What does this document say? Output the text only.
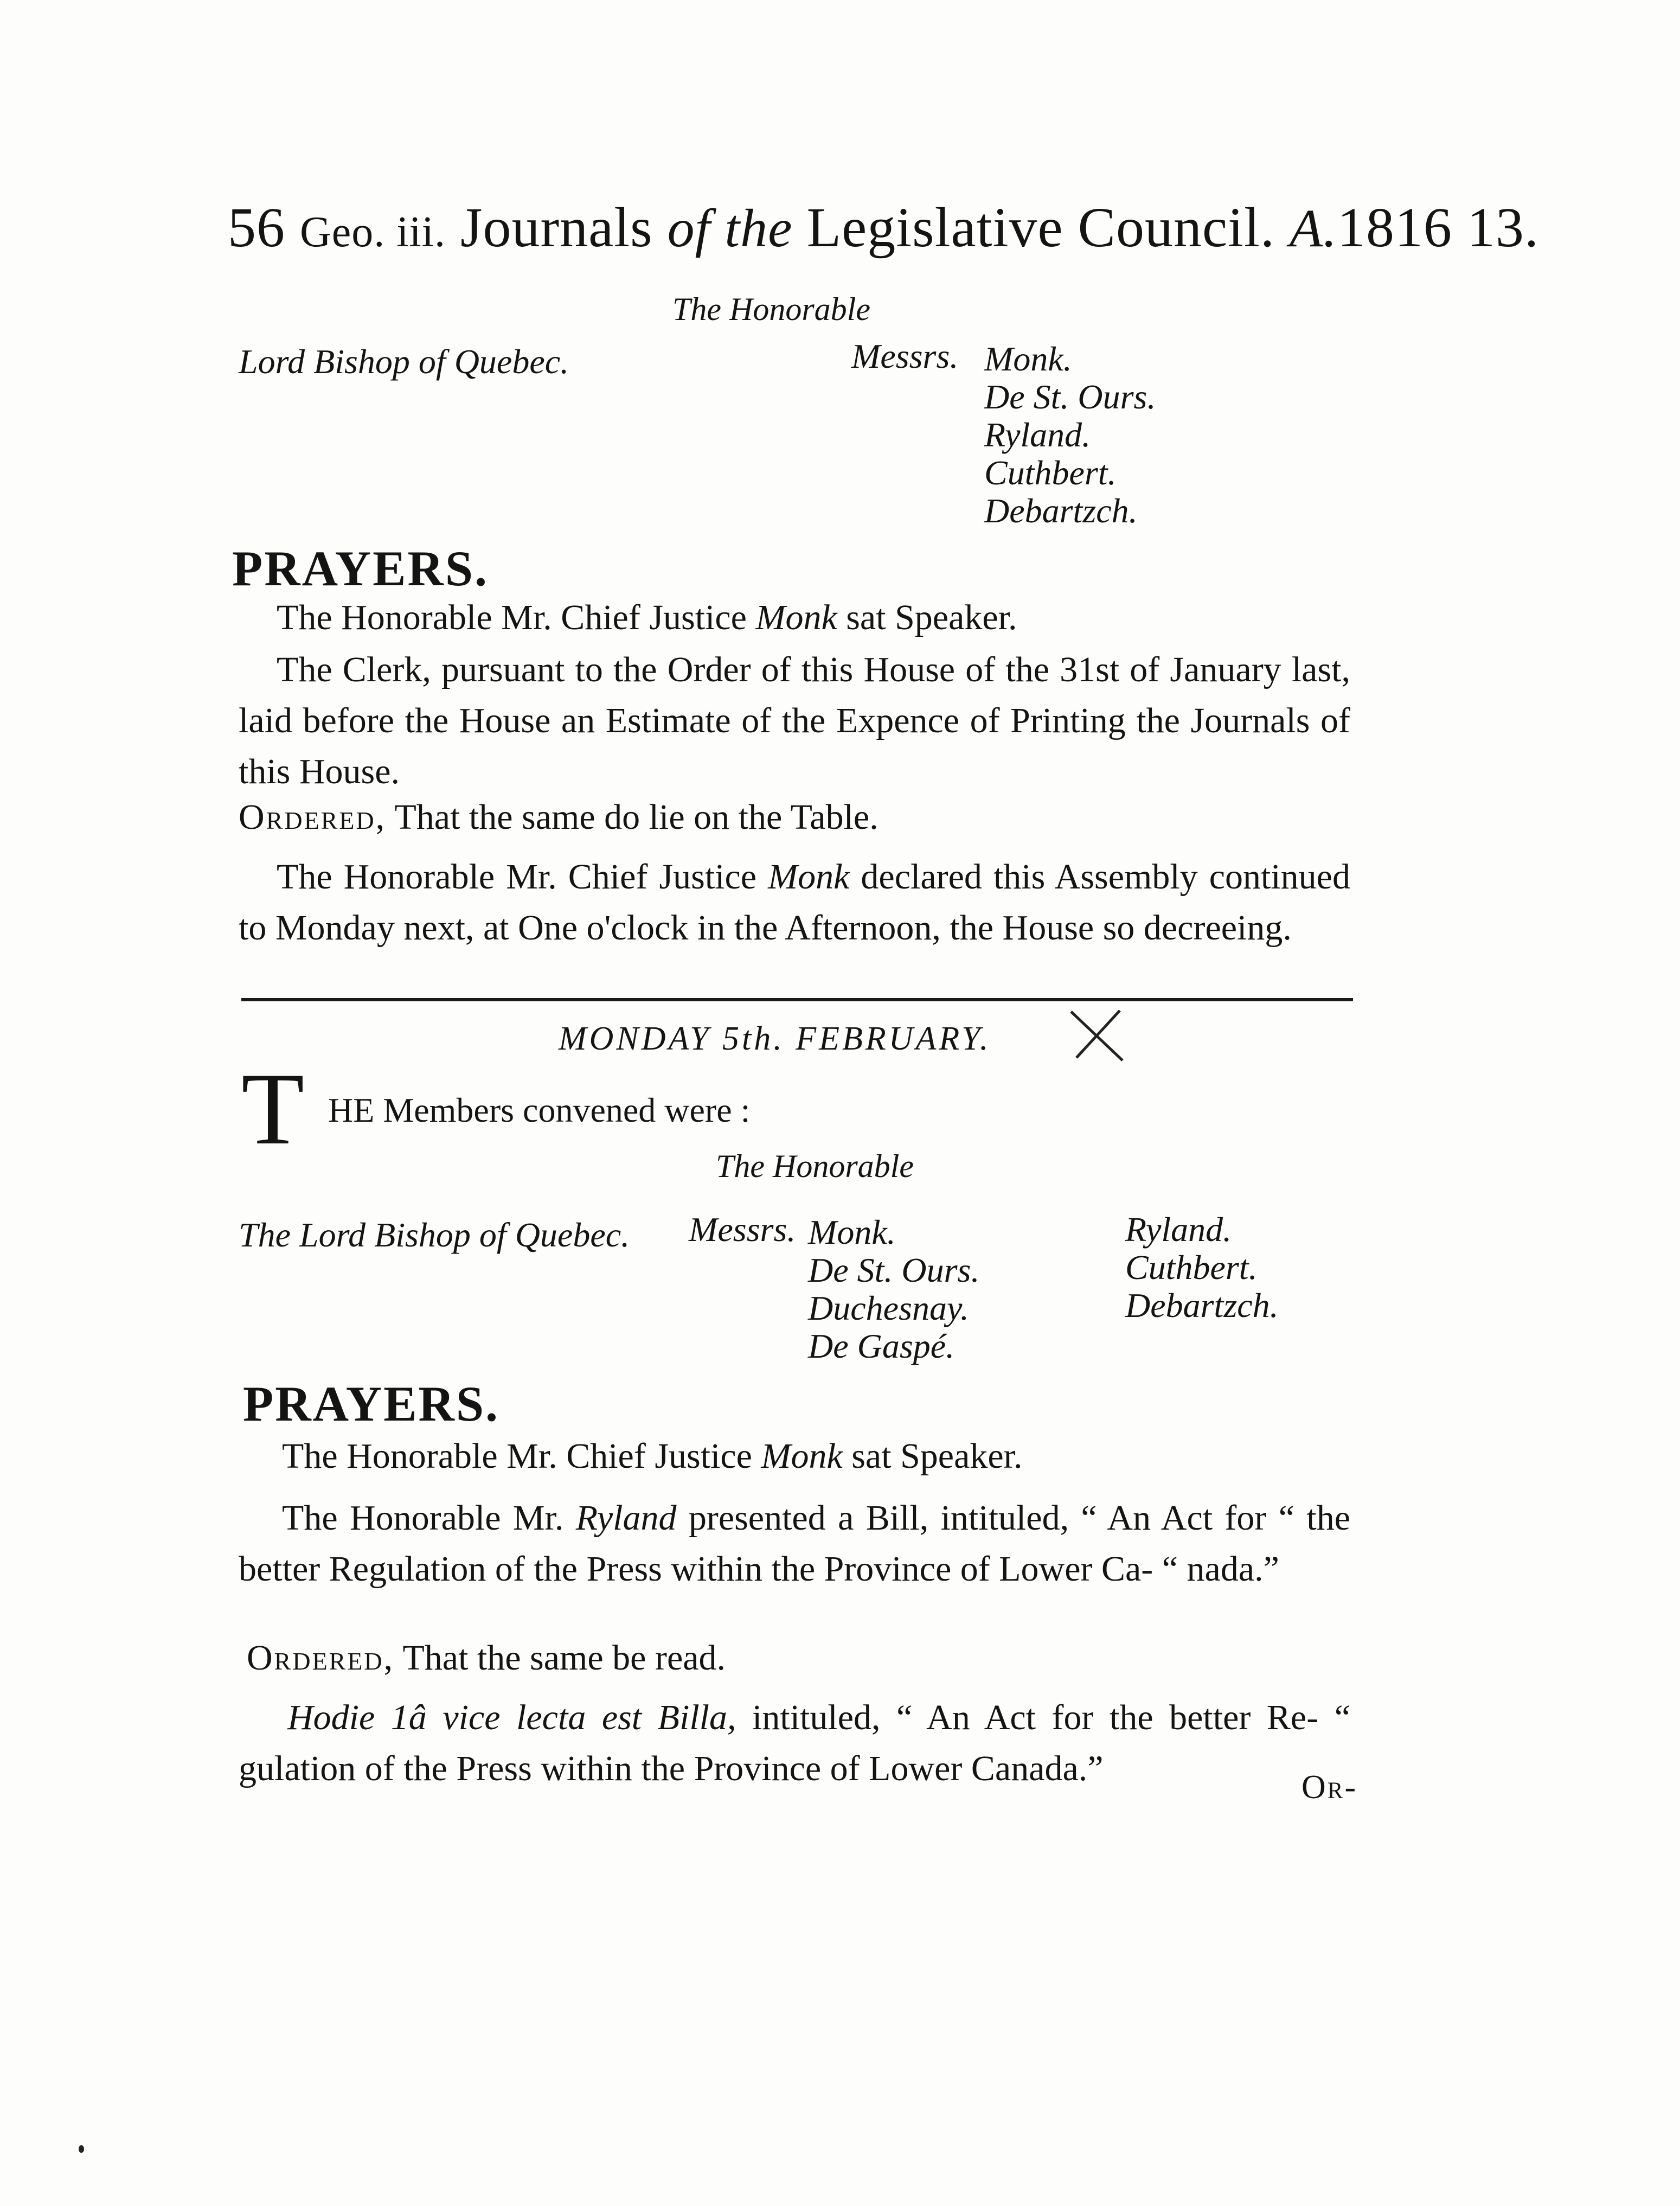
56 Geo. iii. Journals of the Legislative Council. A.1816 13.
The Honorable
Lord Bishop of Quebec.	Messrs. Monk.
De St. Ours.
Ryland.
Cuthbert.
Debartzch.
PRAYERS.
The Honorable Mr. Chief Justice Monk sat Speaker.
The Clerk, pursuant to the Order of this House of the 31st of January last, laid before the House an Estimate of the Expence of Printing the Journals of this House.
Ordered, That the same do lie on the Table.
The Honorable Mr. Chief Justice Monk declared this Assembly continued to Monday next, at One o'clock in the Afternoon, the House so decreeing.
MONDAY 5th. FEBRUARY.
T HE Members convened were :
The Honorable
The Lord Bishop of Quebec. Messrs. Monk.
De St. Ours.
Duchesnay.
De Gaspé.
Ryland.
Cuthbert.
Debartzch.
PRAYERS.
The Honorable Mr. Chief Justice Monk sat Speaker.
The Honorable Mr. Ryland presented a Bill, intituled, “ An Act for “ the better Regulation of the Press within the Province of Lower Ca- “ nada.”
Ordered, That the same be read.
Hodie 1â vice lecta est Billa, intituled, “ An Act for the better Re- “ gulation of the Press within the Province of Lower Canada.”	Or-
